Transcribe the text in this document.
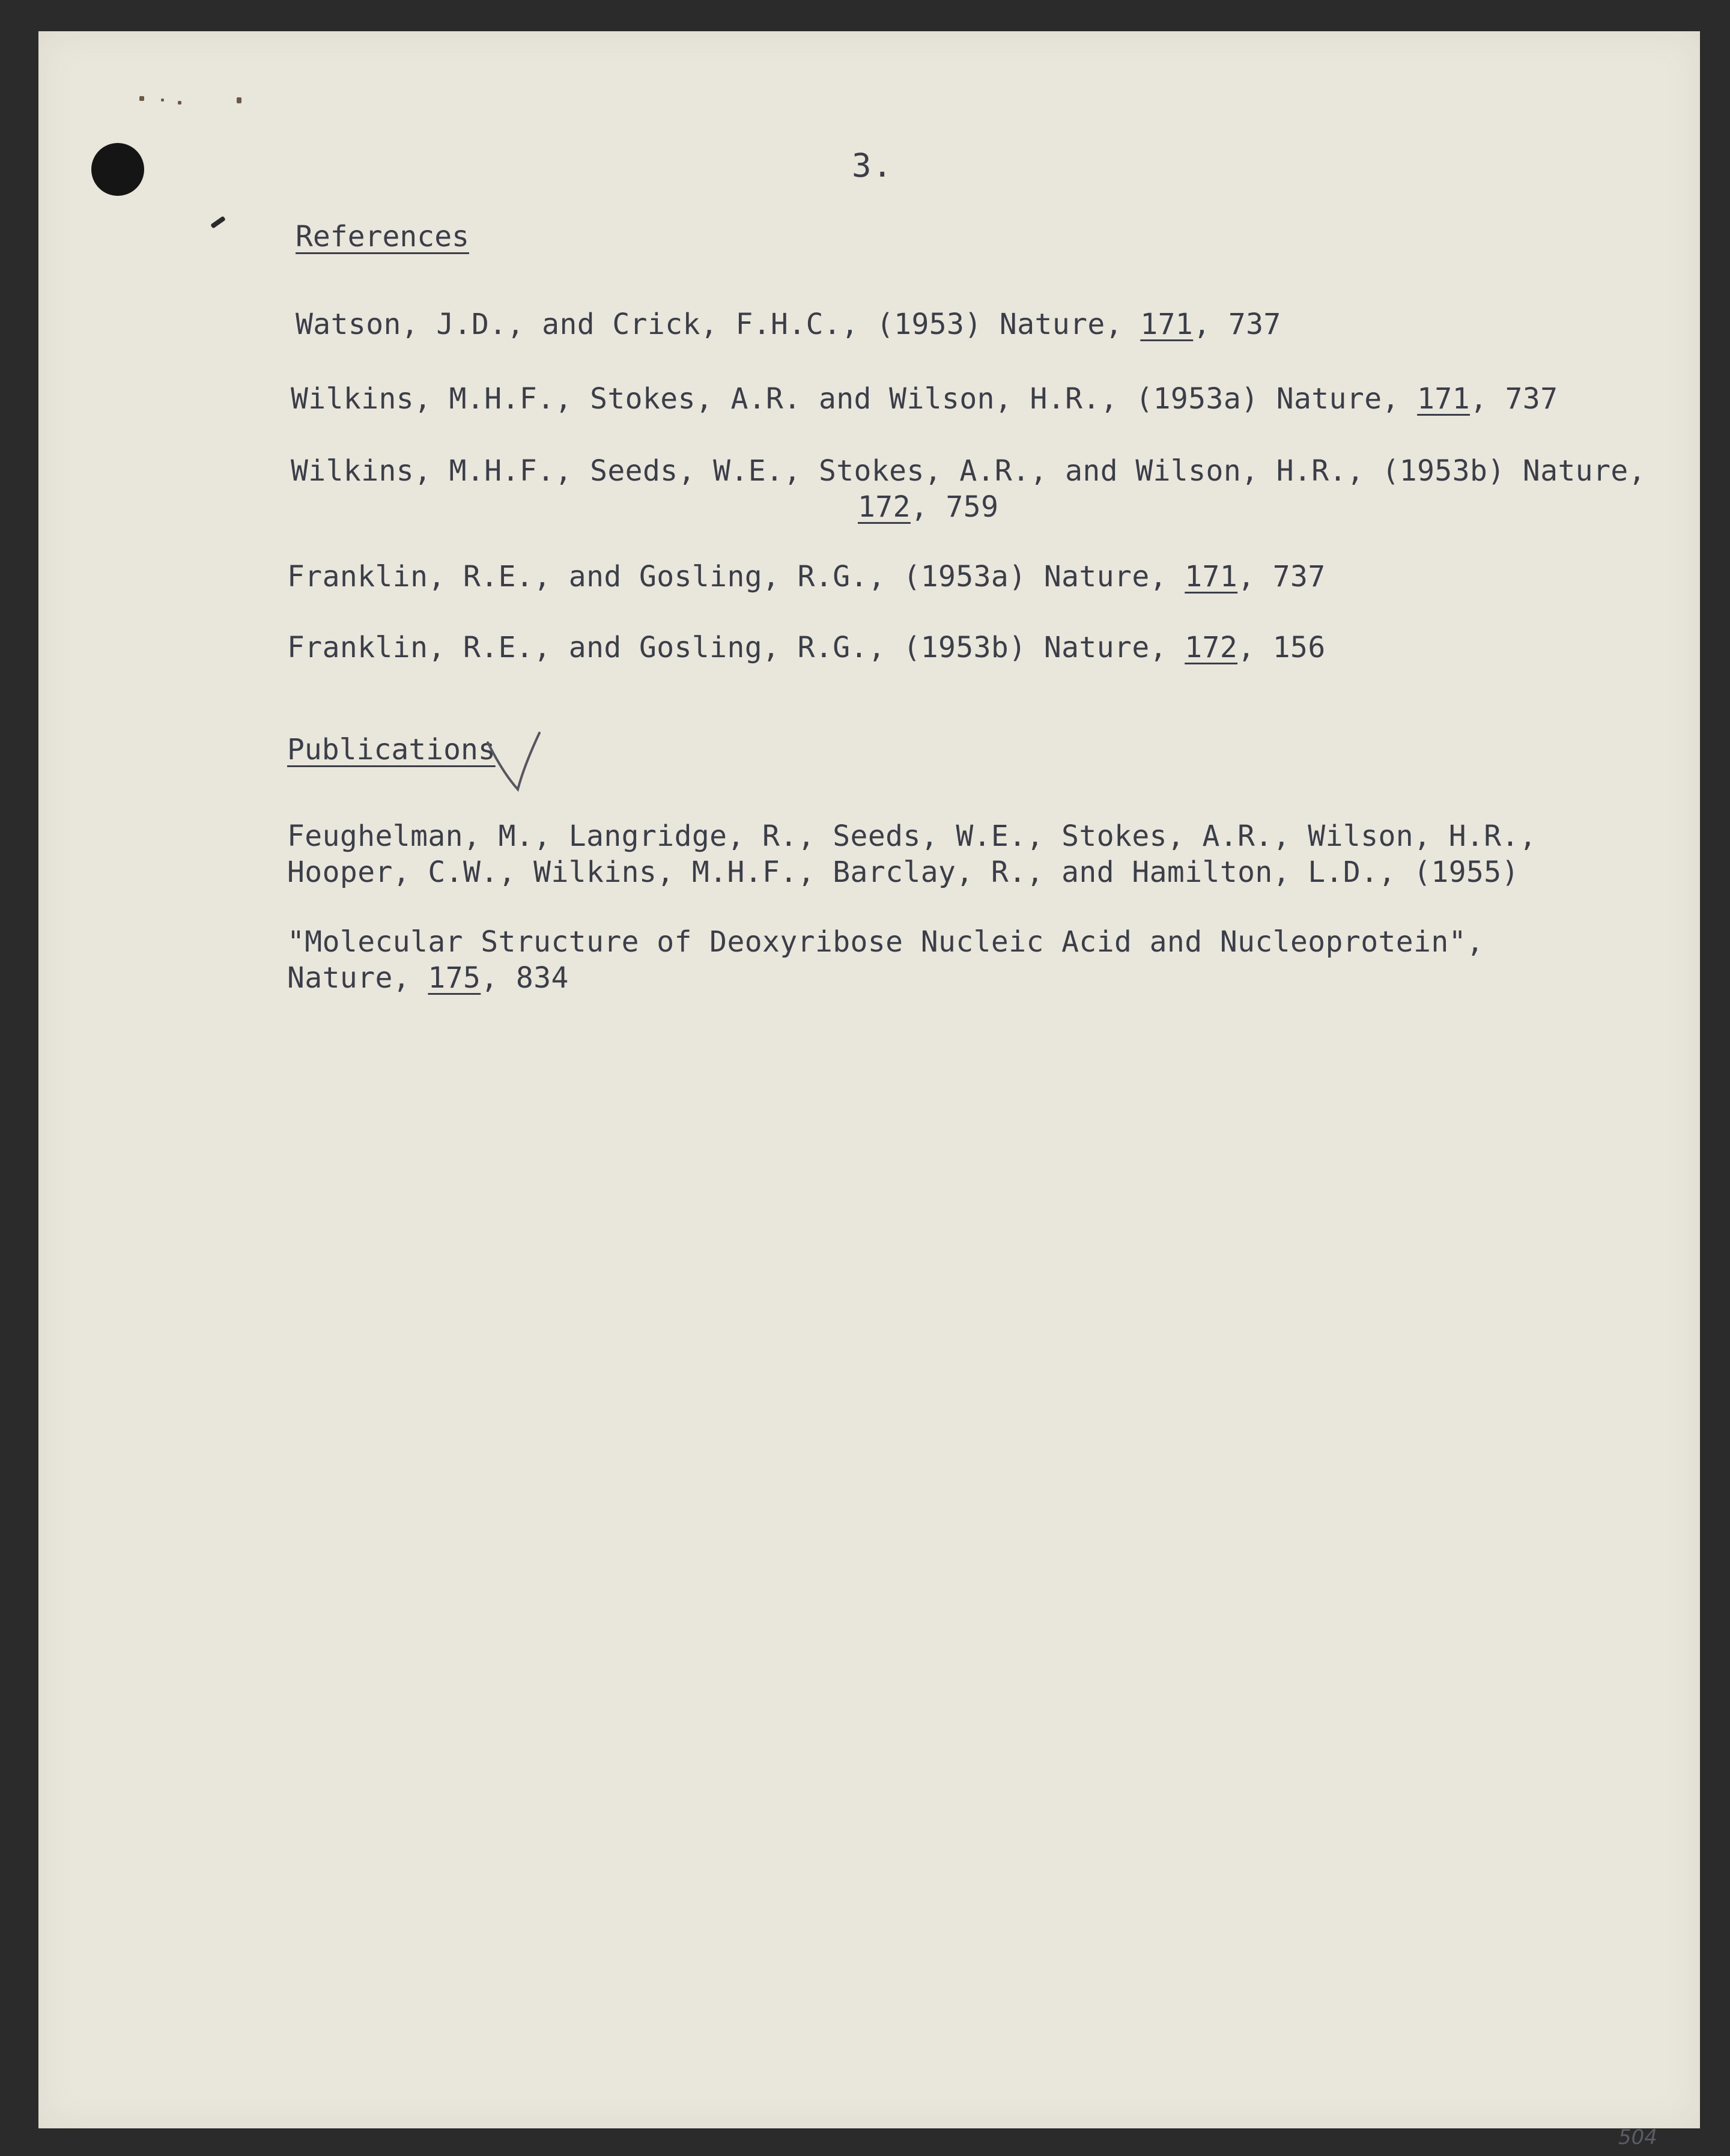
3.
References
Watson, J.D., and Crick, F.H.C., (1953) Nature, 171, 737
Wilkins, M.H.F., Stokes, A.R. and Wilson, H.R., (1953a) Nature, 171, 737
Wilkins, M.H.F., Seeds, W.E., Stokes, A.R., and Wilson, H.R., (1953b) Nature,
172, 759
Franklin, R.E., and Gosling, R.G., (1953a) Nature, 171, 737
Franklin, R.E., and Gosling, R.G., (1953b) Nature, 172, 156
Publications
Feughelman, M., Langridge, R., Seeds, W.E., Stokes, A.R., Wilson, H.R.,
Hooper, C.W., Wilkins, M.H.F., Barclay, R., and Hamilton, L.D., (1955)
"Molecular Structure of Deoxyribose Nucleic Acid and Nucleoprotein",
Nature, 175, 834
504
